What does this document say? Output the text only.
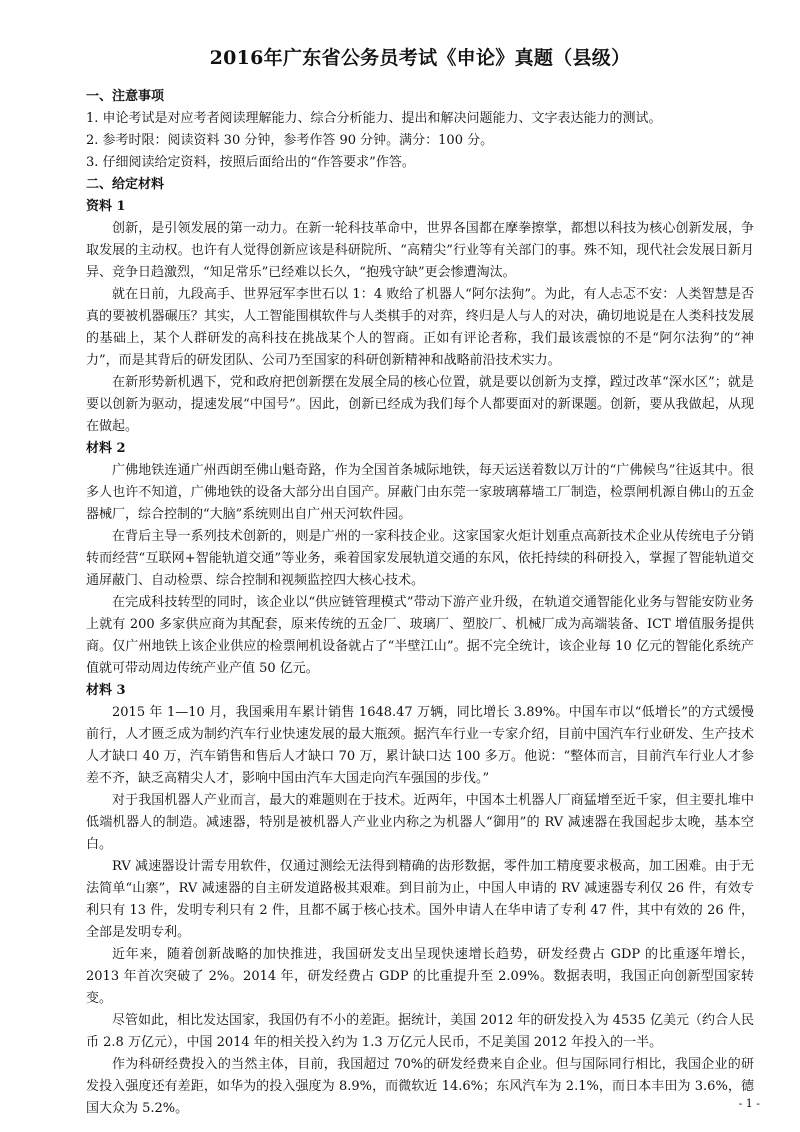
2016年广东省公务员考试《申论》真题（县级）
一、注意事项
1. 申论考试是对应考者阅读理解能力、综合分析能力、提出和解决问题能力、文字表达能力的测试。
2. 参考时限：阅读资料 30 分钟，参考作答 90 分钟。满分：100 分。
3. 仔细阅读给定资料，按照后面给出的“作答要求”作答。
二、给定材料
资料 1

创新，是引领发展的第一动力。在新一轮科技革命中，世界各国都在摩拳擦掌，都想以科技为核心创新发展，争取发展的主动权。也许有人觉得创新应该是科研院所、“高精尖”行业等有关部门的事。殊不知，现代社会发展日新月异、竞争日趋激烈，“知足常乐”已经难以长久，“抱残守缺”更会惨遭淘汰。

就在日前，九段高手、世界冠军李世石以 1：4 败给了机器人“阿尔法狗”。为此，有人忐忑不安：人类智慧是否真的要被机器碾压？其实，人工智能围棋软件与人类棋手的对弈，终归是人与人的对决，确切地说是在人类科技发展的基础上，某个人群研发的高科技在挑战某个人的智商。正如有评论者称，我们最该震惊的不是“阿尔法狗”的“神力”，而是其背后的研发团队、公司乃至国家的科研创新精神和战略前沿技术实力。

在新形势新机遇下，党和政府把创新摆在发展全局的核心位置，就是要以创新为支撑，蹚过改革“深水区”；就是要以创新为驱动，提速发展“中国号”。因此，创新已经成为我们每个人都要面对的新课题。创新，要从我做起，从现在做起。

材料 2

广佛地铁连通广州西朗至佛山魁奇路，作为全国首条城际地铁，每天运送着数以万计的“广佛候鸟”往返其中。很多人也许不知道，广佛地铁的设备大部分出自国产。屏蔽门由东莞一家玻璃幕墙工厂制造，检票闸机源自佛山的五金器械厂，综合控制的“大脑”系统则出自广州天河软件园。

在背后主导一系列技术创新的，则是广州的一家科技企业。这家国家火炬计划重点高新技术企业从传统电子分销转而经营“互联网+智能轨道交通”等业务，乘着国家发展轨道交通的东风，依托持续的科研投入，掌握了智能轨道交通屏蔽门、自动检票、综合控制和视频监控四大核心技术。

在完成科技转型的同时，该企业以“供应链管理模式”带动下游产业升级，在轨道交通智能化业务与智能安防业务上就有 200 多家供应商为其配套，原来传统的五金厂、玻璃厂、塑胶厂、机械厂成为高端装备、ICT 增值服务提供商。仅广州地铁上该企业供应的检票闸机设备就占了“半壁江山”。据不完全统计，该企业每 10 亿元的智能化系统产值就可带动周边传统产业产值 50 亿元。

材料 3

2015 年 1—10 月，我国乘用车累计销售 1648.47 万辆，同比增长 3.89%。中国车市以“低增长”的方式缓慢前行，人才匮乏成为制约汽车行业快速发展的最大瓶颈。据汽车行业一专家介绍，目前中国汽车行业研发、生产技术人才缺口 40 万，汽车销售和售后人才缺口 70 万，累计缺口达 100 多万。他说：“整体而言，目前汽车行业人才参差不齐，缺乏高精尖人才，影响中国由汽车大国走向汽车强国的步伐。”

对于我国机器人产业而言，最大的难题则在于技术。近两年，中国本土机器人厂商猛增至近千家，但主要扎堆中低端机器人的制造。减速器，特别是被机器人产业业内称之为机器人“御用”的 RV 减速器在我国起步太晚，基本空白。

RV 减速器设计需专用软件，仅通过测绘无法得到精确的齿形数据，零件加工精度要求极高，加工困难。由于无法简单“山寨”，RV 减速器的自主研发道路极其艰难。到目前为止，中国人申请的 RV 减速器专利仅 26 件，有效专利只有 13 件，发明专利只有 2 件，且都不属于核心技术。国外申请人在华申请了专利 47 件，其中有效的 26 件，全部是发明专利。

近年来，随着创新战略的加快推进，我国研发支出呈现快速增长趋势，研发经费占 GDP 的比重逐年增长，2013 年首次突破了 2%。2014 年，研发经费占 GDP 的比重提升至 2.09%。数据表明，我国正向创新型国家转变。

尽管如此，相比发达国家，我国仍有不小的差距。据统计，美国 2012 年的研发投入为 4535 亿美元（约合人民币 2.8 万亿元），中国 2014 年的相关投入约为 1.3 万亿元人民币，不足美国 2012 年投入的一半。

作为科研经费投入的当然主体，目前，我国超过 70%的研发经费来自企业。但与国际同行相比，我国企业的研发投入强度还有差距，如华为的投入强度为 8.9%，而微软近 14.6%；东风汽车为 2.1%，而日本丰田为 3.6%，德国大众为 5.2%。	- 1 -
